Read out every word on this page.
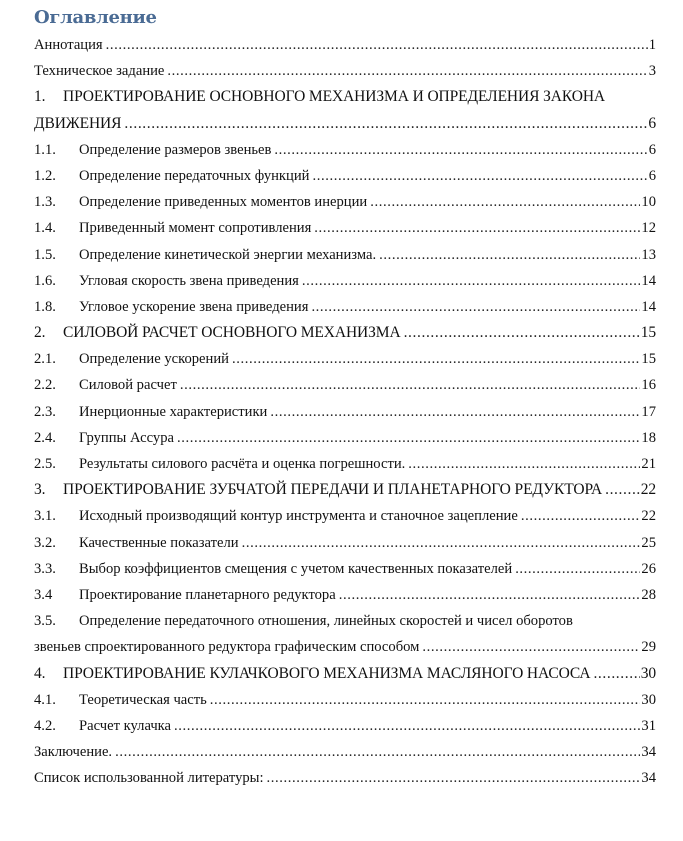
Оглавление
Аннотация .....	1
Техническое задание .....	3
1.	ПРОЕКТИРОВАНИЕ ОСНОВНОГО МЕХАНИЗМА И ОПРЕДЕЛЕНИЯ ЗАКОНА
ДВИЖЕНИЯ .....	6
1.1.	Определение размеров звеньев .....	6
1.2.	Определение передаточных функций .....	6
1.3.	Определение приведенных моментов инерции .....	10
1.4.	Приведенный момент сопротивления .....	12
1.5.	Определение кинетической энергии механизма. .....	13
1.6.	Угловая скорость звена приведения .....	14
1.8.	Угловое ускорение звена приведения .....	14
2.	СИЛОВОЙ РАСЧЕТ ОСНОВНОГО МЕХАНИЗМА .....	15
2.1.	Определение ускорений .....	15
2.2.	Силовой расчет .....	16
2.3.	Инерционные характеристики .....	17
2.4.	Группы Ассура .....	18
2.5.	Результаты силового расчёта и оценка погрешности. .....	21
3.	ПРОЕКТИРОВАНИЕ ЗУБЧАТОЙ ПЕРЕДАЧИ И ПЛАНЕТАРНОГО РЕДУКТОРА ..... 22
3.1.	Исходный производящий контур инструмента и станочное зацепление .....	22
3.2.	Качественные показатели .....	25
3.3.	Выбор коэффициентов смещения с учетом качественных показателей .....	26
3.4	Проектирование планетарного редуктора .....	28
3.5.	Определение передаточного отношения, линейных скоростей и чисел оборотов
звеньев спроектированного редуктора графическим способом .....	29
4.	ПРОЕКТИРОВАНИЕ КУЛАЧКОВОГО МЕХАНИЗМА МАСЛЯНОГО НАСОСА .....	30
4.1.	Теоретическая часть .....	30
4.2.	Расчет кулачка .....	31
Заключение. .....	34
Список использованной литературы: .....	34
